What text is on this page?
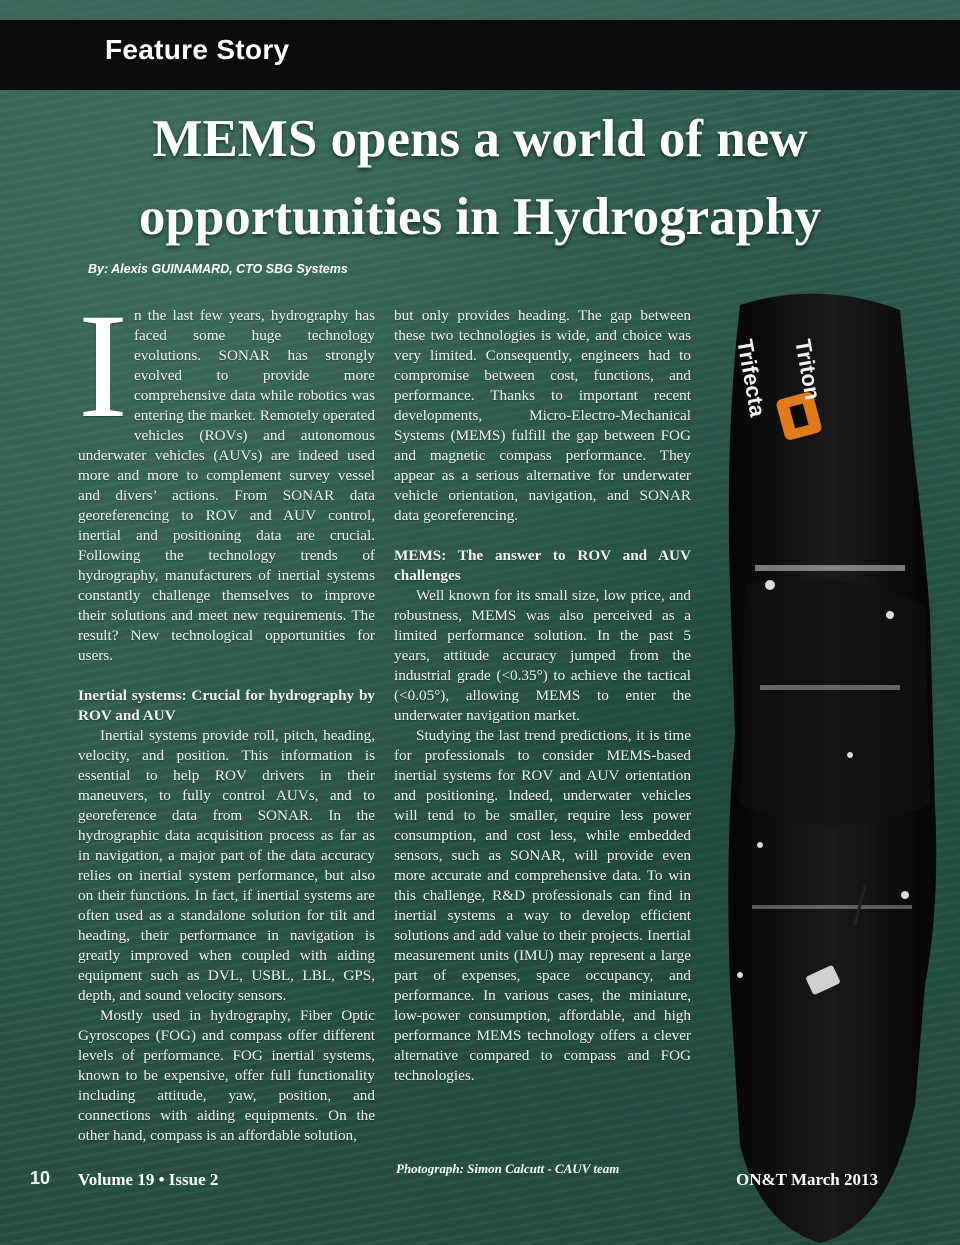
Feature Story
MEMS opens a world of new
opportunities in Hydrography
By: Alexis GUINAMARD, CTO SBG Systems
Trifecta Triton
I n the last few years, hydrography has faced some huge technology evolutions. SONAR has strongly evolved to provide more comprehensive data while robotics was entering the market. Remotely operated vehicles (ROVs) and autonomous underwater vehicles (AUVs) are indeed used more and more to complement survey vessel and divers’ actions. From SONAR data georeferencing to ROV and AUV control, inertial and positioning data are crucial. Following the technology trends of hydrography, manufacturers of inertial systems constantly challenge themselves to improve their solutions and meet new requirements. The result? New technological opportunities for users.

Inertial systems: Crucial for hydrography by ROV and AUV

Inertial systems provide roll, pitch, heading, velocity, and position. This information is essential to help ROV drivers in their maneuvers, to fully control AUVs, and to georeference data from SONAR. In the hydrographic data acquisition process as far as in navigation, a major part of the data accuracy relies on inertial system performance, but also on their functions. In fact, if inertial systems are often used as a standalone solution for tilt and heading, their performance in navigation is greatly improved when coupled with aiding equipment such as DVL, USBL, LBL, GPS, depth, and sound velocity sensors.

Mostly used in hydrography, Fiber Optic Gyroscopes (FOG) and compass offer different levels of performance. FOG inertial systems, known to be expensive, offer full functionality including attitude, yaw, position, and connections with aiding equipments. On the other hand, compass is an affordable solution,

but only provides heading. The gap between these two technologies is wide, and choice was very limited. Consequently, engineers had to compromise between cost, functions, and performance. Thanks to important recent developments, Micro-Electro-Mechanical Systems (MEMS) fulfill the gap between FOG and magnetic compass performance. They appear as a serious alternative for underwater vehicle orientation, navigation, and SONAR data georeferencing.

MEMS: The answer to ROV and AUV challenges

Well known for its small size, low price, and robustness, MEMS was also perceived as a limited performance solution. In the past 5 years, attitude accuracy jumped from the industrial grade (<0.35°) to achieve the tactical (<0.05°), allowing MEMS to enter the underwater navigation market.

Studying the last trend predictions, it is time for professionals to consider MEMS-based inertial systems for ROV and AUV orientation and positioning. Indeed, underwater vehicles will tend to be smaller, require less power consumption, and cost less, while embedded sensors, such as SONAR, will provide even more accurate and comprehensive data. To win this challenge, R&D professionals can find in inertial systems a way to develop efficient solutions and add value to their projects. Inertial measurement units (IMU) may represent a large part of expenses, space occupancy, and performance. In various cases, the miniature, low-power consumption, affordable, and high performance MEMS technology offers a clever alternative compared to compass and FOG technologies.

Photograph: Simon Calcutt - CAUV team
10 Volume 19 • Issue 2	ON&T March 2013
